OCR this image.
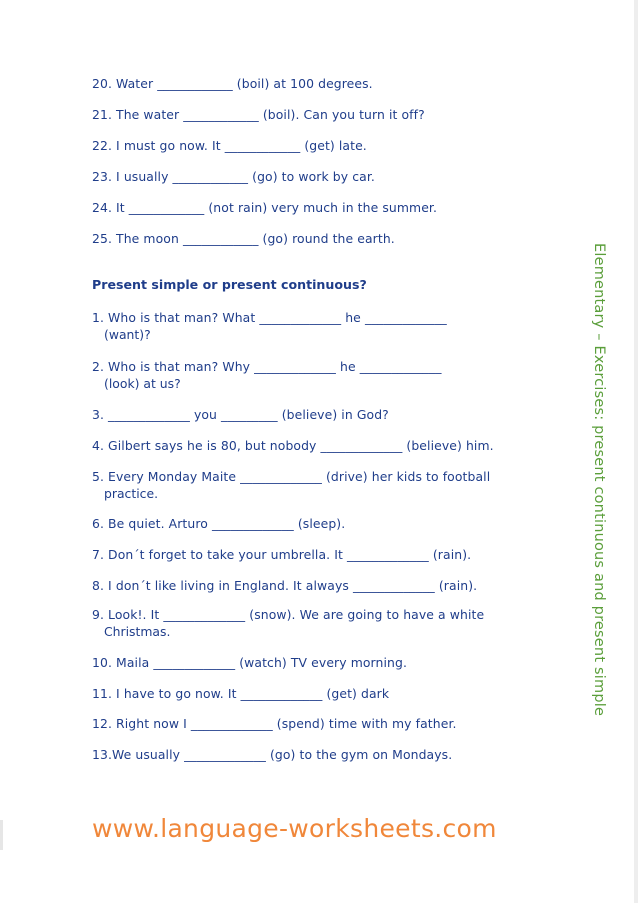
20. Water ____________ (boil) at 100 degrees.
21. The water ____________ (boil). Can you turn it off?
22. I must go now. It ____________ (get) late.
23. I usually ____________ (go) to work by car.
24. It ____________ (not rain) very much in the summer.
25. The moon ____________ (go) round the earth.
Present simple or present continuous?
1. Who is that man? What _____________ he _____________
(want)?
2. Who is that man? Why _____________ he _____________
(look) at us?
3. _____________ you _________ (believe) in God?
4. Gilbert says he is 80, but nobody _____________ (believe) him.
5. Every Monday Maite _____________ (drive) her kids to football
practice.
6. Be quiet. Arturo _____________ (sleep).
7. Don´t forget to take your umbrella. It _____________ (rain).
8. I don´t like living in England. It always _____________ (rain).
9. Look!. It _____________ (snow). We are going to have a white
Christmas.
10. Maila _____________ (watch) TV every morning.
11. I have to go now. It _____________ (get) dark
12. Right now I _____________ (spend) time with my father.
13.We usually _____________ (go) to the gym on Mondays.
Elementary – Exercises: present continuous and present simple
www.language-worksheets.com
